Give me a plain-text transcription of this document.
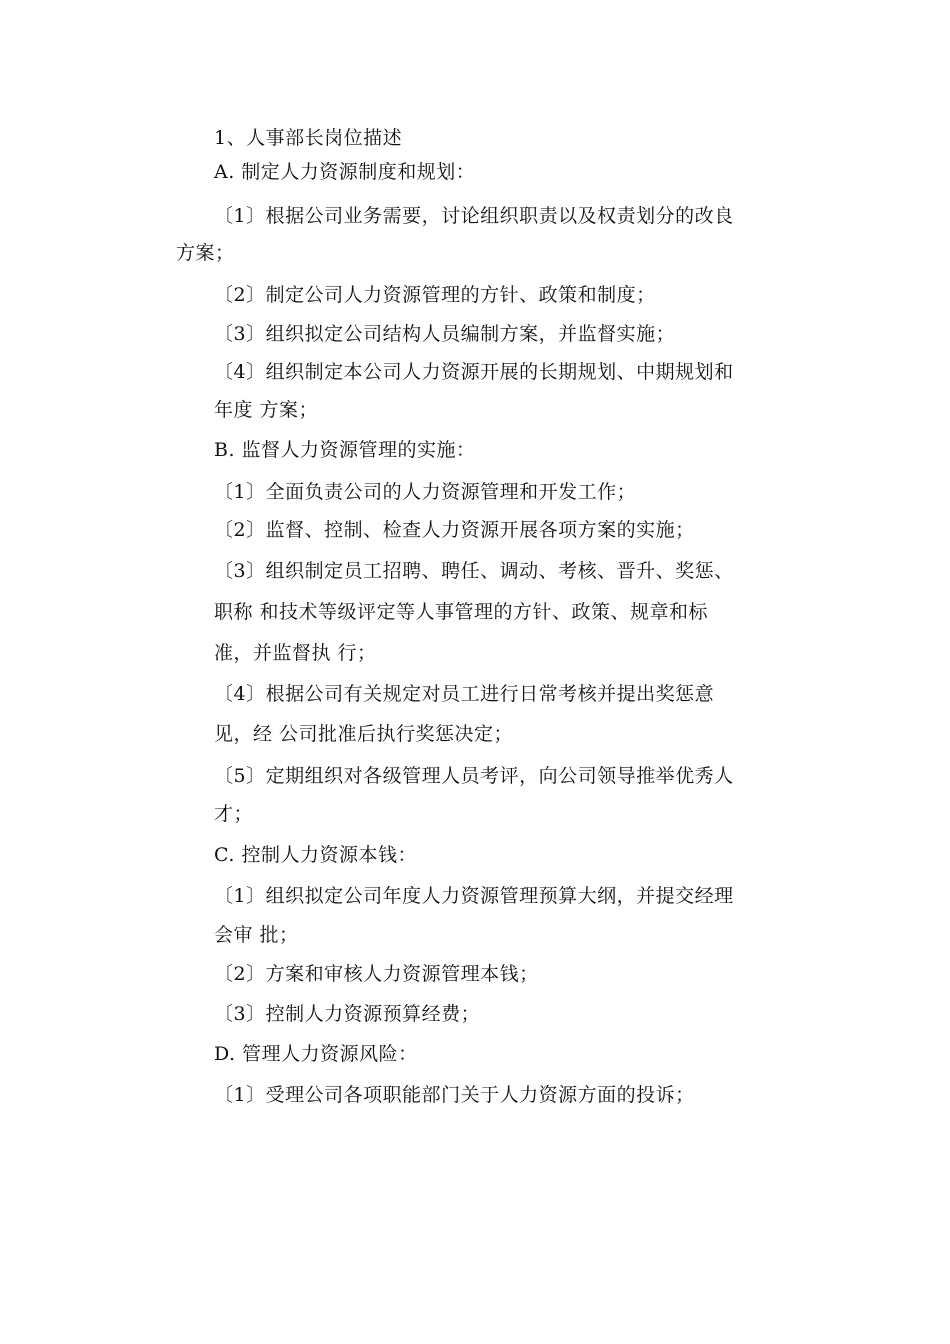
1、人事部长岗位描述
A. 制定人力资源制度和规划：
〔1〕根据公司业务需要，讨论组织职责以及权责划分的改良
方案；
〔2〕制定公司人力资源管理的方针、政策和制度；
〔3〕组织拟定公司结构人员编制方案，并监督实施；
〔4〕组织制定本公司人力资源开展的长期规划、中期规划和
年度 方案；
B. 监督人力资源管理的实施：
〔1〕全面负责公司的人力资源管理和开发工作；
〔2〕监督、控制、检查人力资源开展各项方案的实施；
〔3〕组织制定员工招聘、聘任、调动、考核、晋升、奖惩、
职称 和技术等级评定等人事管理的方针、政策、规章和标
准，并监督执 行；
〔4〕根据公司有关规定对员工进行日常考核并提出奖惩意
见，经 公司批准后执行奖惩决定；
〔5〕定期组织对各级管理人员考评，向公司领导推举优秀人
才；
C. 控制人力资源本钱：
〔1〕组织拟定公司年度人力资源管理预算大纲，并提交经理
会审 批；
〔2〕方案和审核人力资源管理本钱；
〔3〕控制人力资源预算经费；
D. 管理人力资源风险：
〔1〕受理公司各项职能部门关于人力资源方面的投诉；
